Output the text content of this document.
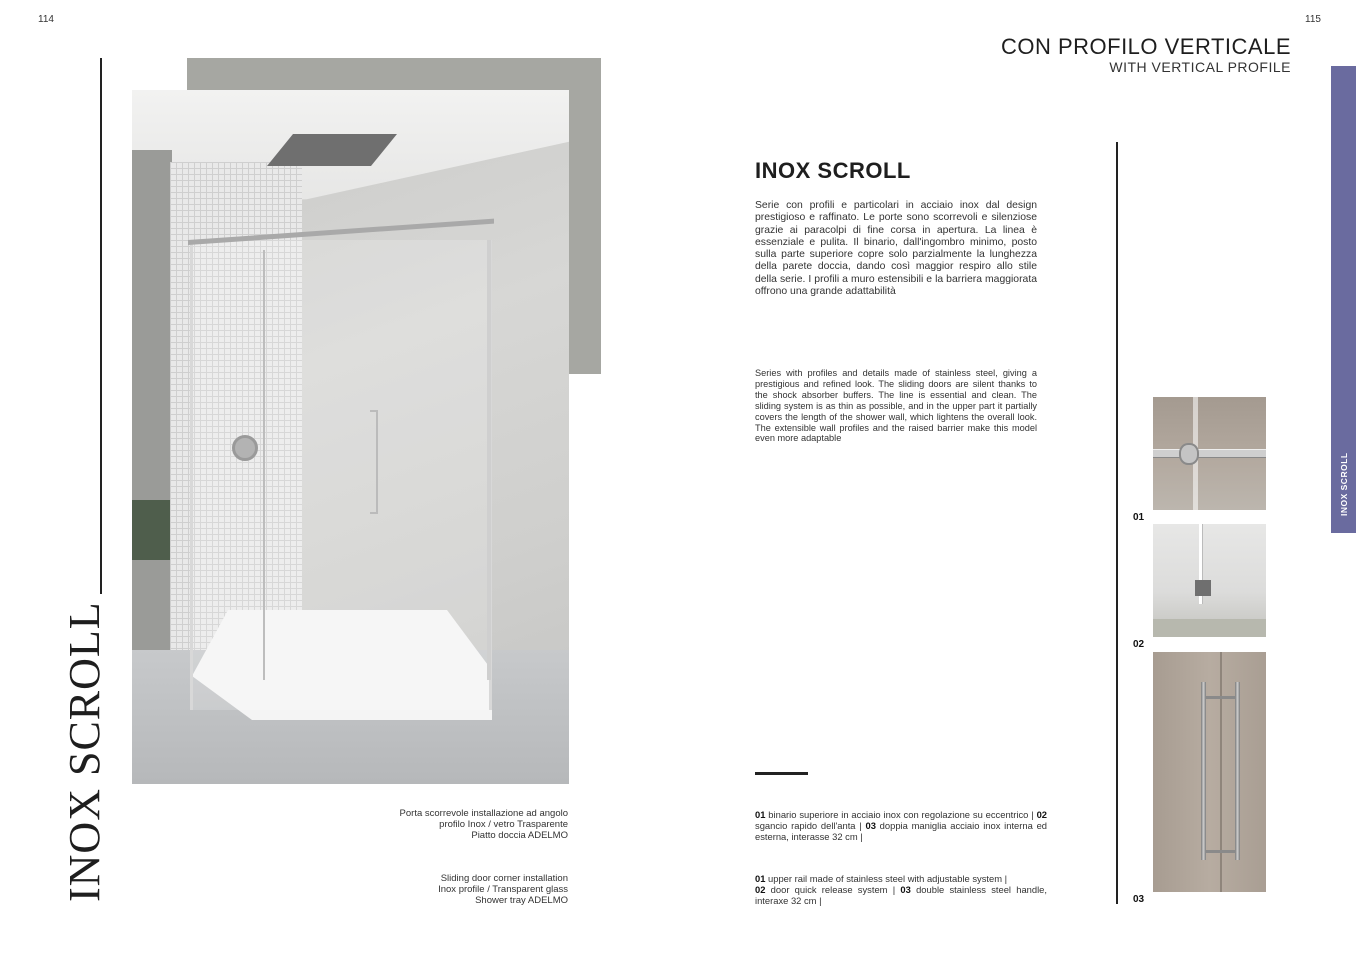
114	115
INOX SCROLL	Porta scorrevole installazione ad angolo
profilo Inox / vetro Trasparente
Piatto doccia ADELMO
Sliding door corner installation
Inox profile / Transparent glass
Shower tray ADELMO
CON PROFILO VERTICALE
WITH VERTICAL PROFILE
INOX SCROLL
INOX SCROLL
Serie con profili e particolari in acciaio inox dal design prestigioso e raffinato. Le porte sono scorrevoli e silenziose grazie ai paracolpi di fine corsa in apertura. La linea è essenziale e pulita. Il binario, dall'ingombro minimo, posto sulla parte superiore copre solo parzialmente la lunghezza della parete doccia, dando così maggior respiro allo stile della serie. I profili a muro estensibili e la barriera maggiorata offrono una grande adattabilità
Series with profiles and details made of stainless steel, giving a prestigious and refined look. The sliding doors are silent thanks to the shock absorber buffers. The line is essential and clean. The sliding system is as thin as possible, and in the upper part it partially covers the length of the shower wall, which lightens the overall look. The extensible wall profiles and the raised barrier make this model even more adaptable
01 binario superiore in acciaio inox con regolazione su eccentrico | 02 sgancio rapido dell'anta | 03 doppia maniglia acciaio inox interna ed esterna, interasse 32 cm |
01 upper rail made of stainless steel with adjustable system |
02 door quick release system | 03 double stainless steel handle, interaxe 32 cm |
01
02
03
